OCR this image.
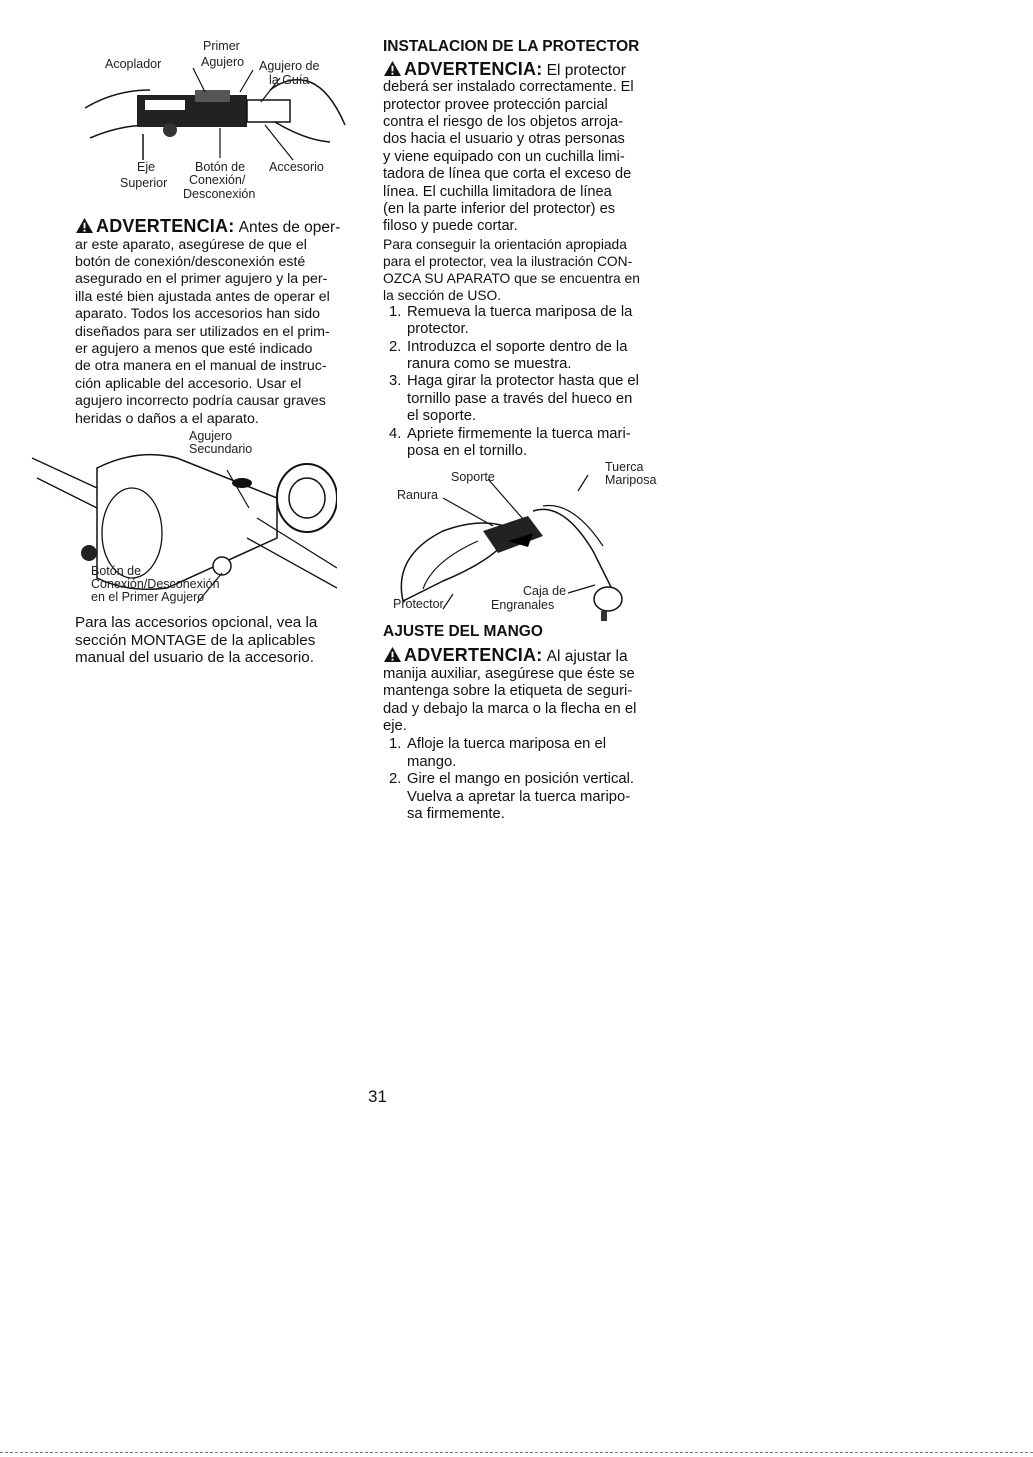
Primer
Acoplador	Agujero Agujero de
la Guía
Eje
Superior
Botón de
Conexión/
Desconexión
Accesorio

ADVERTENCIA: Antes de oper-

ar este aparato, asegúrese de que el
botón de conexión/desconexión esté
asegurado en el primer agujero y la per-
illa esté bien ajustada antes de operar el
aparato. Todos los accesorios han sido
diseñados para ser utilizados en el prim-
er agujero a menos que esté indicado
de otra manera en el manual de instruc-
ción aplicable del accesorio. Usar el
agujero incorrecto podría causar graves
heridas o daños a el aparato.
Agujero
Secundario
Botón de
Conexión/Desconexión
en el Primer Agujero
Para las accesorios opcional, vea la
sección MONTAGE de la aplicables
manual del usuario de la accesorio.
INSTALACION DE LA PROTECTOR

ADVERTENCIA: El protector

deberá ser instalado correctamente. El
protector provee protección parcial
contra el riesgo de los objetos arroja-
dos hacia el usuario y otras personas
y viene equipado con un cuchilla limi-
tadora de línea que corta el exceso de
línea. El cuchilla limitadora de línea
(en la parte inferior del protector) es
filoso y puede cortar.
Para conseguir la orientación apropiada
para el protector, vea la ilustración CON-
OZCA SU APARATO que se encuentra en
la sección de USO.
1. Remueva la tuerca mariposa de la
protector.
2. Introduzca el soporte dentro de la
ranura como se muestra.
3. Haga girar la protector hasta que el
tornillo pase a través del hueco en
el soporte.
4. Apriete firmemente la tuerca mari-
posa en el tornillo.
Soporte
Tuerca
Mariposa
Ranura
Caja de
Protector	Engranales
AJUSTE DEL MANGO

ADVERTENCIA: Al ajustar la

manija auxiliar, asegúrese que éste se
mantenga sobre la etiqueta de seguri-
dad y debajo la marca o la flecha en el
eje.
1. Afloje la tuerca mariposa en el
mango.
2. Gire el mango en posición vertical.
Vuelva a apretar la tuerca maripo-
sa firmemente.
31
